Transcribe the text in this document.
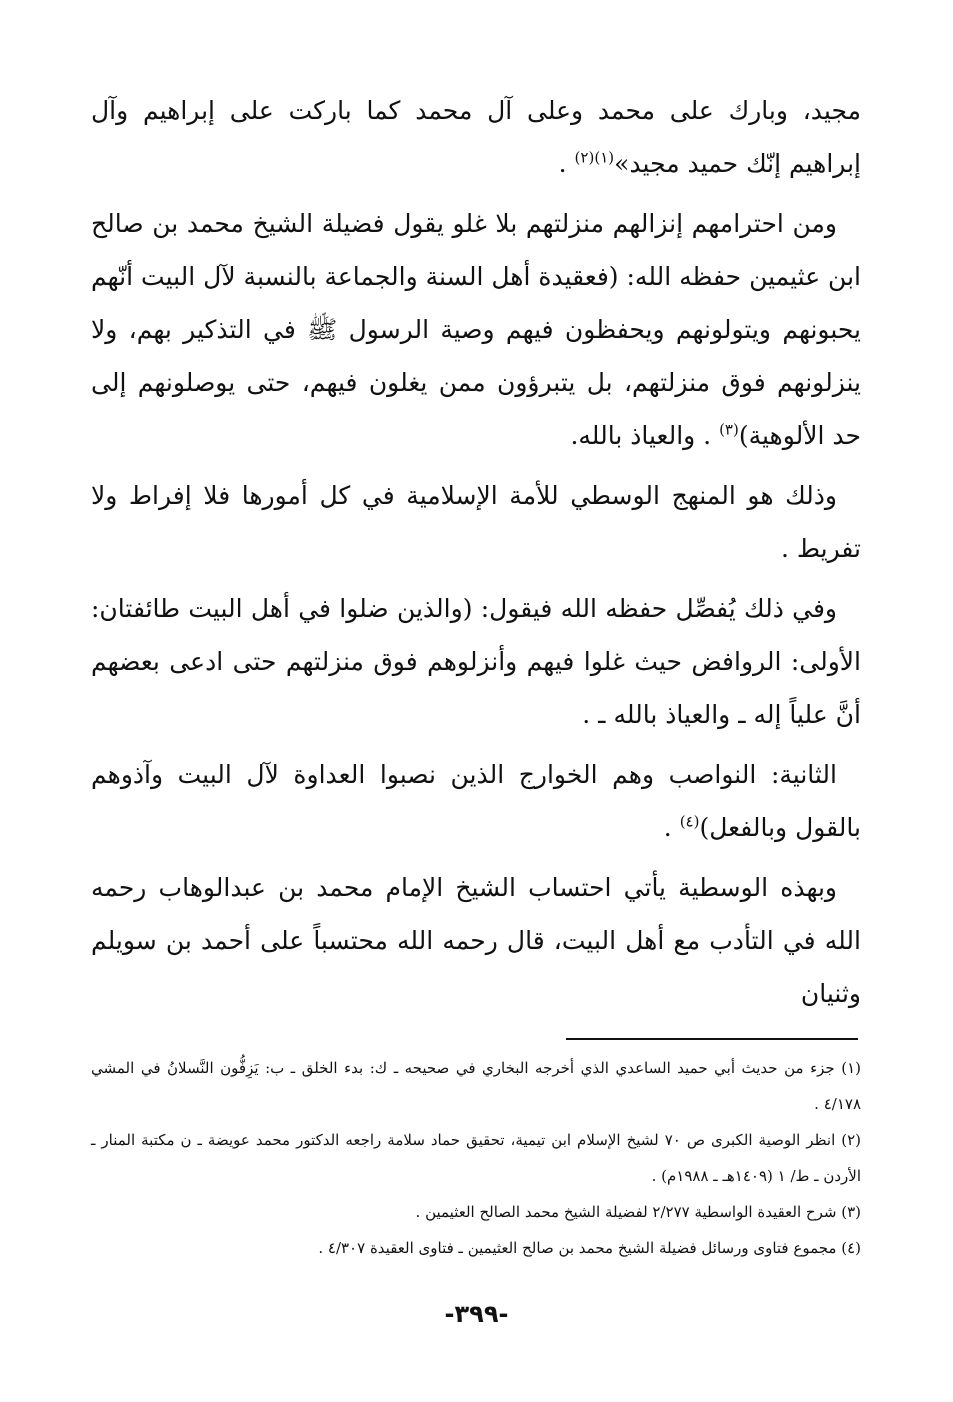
مجيد، وبارك على محمد وعلى آل محمد كما باركت على إبراهيم وآل إبراهيم إنّك حميد مجيد»$^{(١)(٢)}$ .

ومن احترامهم إنزالهم منزلتهم بلا غلو يقول فضيلة الشيخ محمد بن صالح ابن عثيمين حفظه الله: (فعقيدة أهل السنة والجماعة بالنسبة لآل البيت أنّهم يحبونهم ويتولونهم ويحفظون فيهم وصية الرسول ﷺ في التذكير بهم، ولا ينزلونهم فوق منزلتهم، بل يتبرؤون ممن يغلون فيهم، حتى يوصلونهم إلى حد الألوهية)$^{(٣)}$ . والعياذ بالله.

وذلك هو المنهج الوسطي للأمة الإسلامية في كل أمورها فلا إفراط ولا تفريط .

وفي ذلك يُفصِّل حفظه الله فيقول: (والذين ضلوا في أهل البيت طائفتان: الأولى: الروافض حيث غلوا فيهم وأنزلوهم فوق منزلتهم حتى ادعى بعضهم أنَّ علياً إله ـ والعياذ بالله ـ .

الثانية: النواصب وهم الخوارج الذين نصبوا العداوة لآل البيت وآذوهم بالقول وبالفعل)$^{(٤)}$ .

وبهذه الوسطية يأتي احتساب الشيخ الإمام محمد بن عبدالوهاب رحمه الله في التأدب مع أهل البيت، قال رحمه الله محتسباً على أحمد بن سويلم وثنيان

(١) جزء من حديث أبي حميد الساعدي الذي أخرجه البخاري في صحيحه ـ ك: بدء الخلق ـ ب: يَزِفُّون النَّسلانُ في المشي ٤/١٧٨ .

(٢) انظر الوصية الكبرى ص ٧٠ لشيخ الإسلام ابن تيمية، تحقيق حماد سلامة راجعه الدكتور محمد عويضة ـ ن مكتبة المنار ـ الأردن ـ ط/ ١ (١٤٠٩هـ ـ ١٩٨٨م) .

(٣) شرح العقيدة الواسطية ٢/٢٧٧ لفضيلة الشيخ محمد الصالح العثيمين .

(٤) مجموع فتاوى ورسائل فضيلة الشيخ محمد بن صالح العثيمين ـ فتاوى العقيدة ٤/٣٠٧ .

-٣٩٩-
